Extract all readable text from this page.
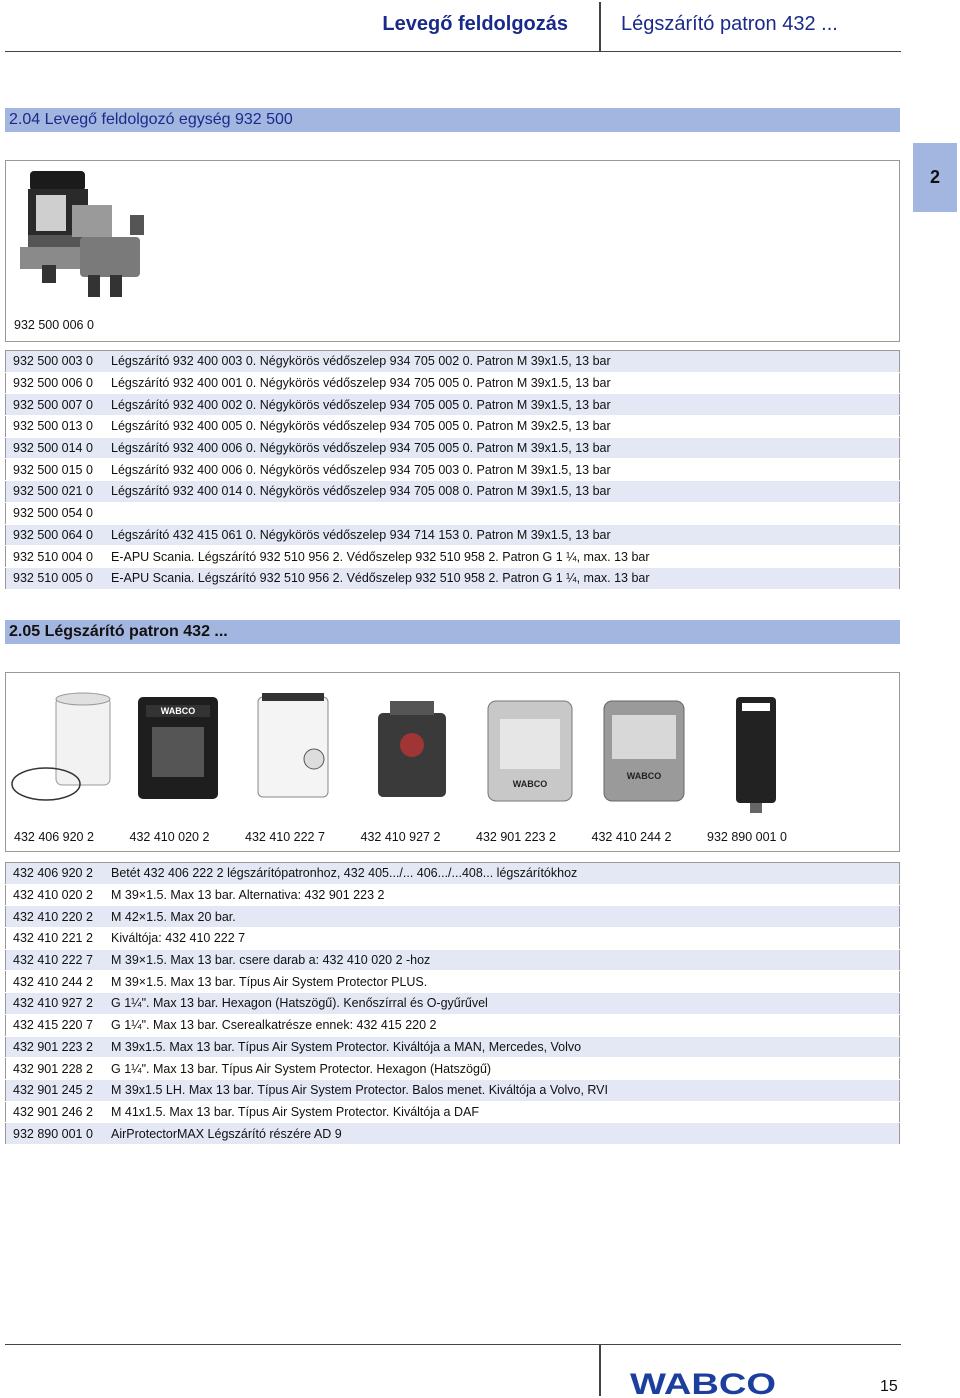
Levegő feldolgozás	Légszárító patron 432 ...
2
2.04 Levegő feldolgozó egység 932 500
932 500 006 0
932 500 003 0	Légszárító 932 400 003 0. Négykörös védőszelep 934 705 002 0. Patron M 39x1.5, 13 bar
932 500 006 0	Légszárító 932 400 001 0. Négykörös védőszelep 934 705 005 0. Patron M 39x1.5, 13 bar
932 500 007 0	Légszárító 932 400 002 0. Négykörös védőszelep 934 705 005 0. Patron M 39x1.5, 13 bar
932 500 013 0	Légszárító 932 400 005 0. Négykörös védőszelep 934 705 005 0. Patron M 39x2.5, 13 bar
932 500 014 0	Légszárító 932 400 006 0. Négykörös védőszelep 934 705 005 0. Patron M 39x1.5, 13 bar
932 500 015 0	Légszárító 932 400 006 0. Négykörös védőszelep 934 705 003 0. Patron M 39x1.5, 13 bar
932 500 021 0	Légszárító 932 400 014 0. Négykörös védőszelep 934 705 008 0. Patron M 39x1.5, 13 bar
932 500 054 0	
932 500 064 0	Légszárító 432 415 061 0. Négykörös védőszelep 934 714 153 0. Patron M 39x1.5, 13 bar
932 510 004 0	E-APU Scania. Légszárító 932 510 956 2. Védőszelep 932 510 958 2. Patron G 1 ¼, max. 13 bar
932 510 005 0	E-APU Scania. Légszárító 932 510 956 2. Védőszelep 932 510 958 2. Patron G 1 ¼, max. 13 bar
2.05 Légszárító patron 432 ...
WABCO
WABCO
WABCO
432 406 920 2	432 410 020 2	432 410 222 7	432 410 927 2	432 901 223 2	432 410 244 2	932 890 001 0
432 406 920 2	Betét 432 406 222 2 légszárítópatronhoz, 432 405.../... 406.../...408... légszárítókhoz
432 410 020 2	M 39×1.5. Max 13 bar. Alternativa: 432 901 223 2
432 410 220 2	M 42×1.5. Max 20 bar.
432 410 221 2	Kiváltója: 432 410 222 7
432 410 222 7	M 39×1.5. Max 13 bar. csere darab a: 432 410 020 2 -hoz
432 410 244 2	M 39×1.5. Max 13 bar. Típus Air System Protector PLUS.
432 410 927 2	G 1¼". Max 13 bar. Hexagon (Hatszögű). Kenőszírral és O-gyűrűvel
432 415 220 7	G 1¼". Max 13 bar. Cserealkatrésze ennek: 432 415 220 2
432 901 223 2	M 39x1.5. Max 13 bar. Típus Air System Protector. Kiváltója a MAN, Mercedes, Volvo
432 901 228 2	G 1¼". Max 13 bar. Típus Air System Protector. Hexagon (Hatszögű)
432 901 245 2	M 39x1.5 LH. Max 13 bar. Típus Air System Protector. Balos menet. Kiváltója a Volvo, RVI
432 901 246 2	M 41x1.5. Max 13 bar. Típus Air System Protector. Kiváltója a DAF
932 890 001 0	AirProtectorMAX Légszárító részére AD 9
WABCO	15
